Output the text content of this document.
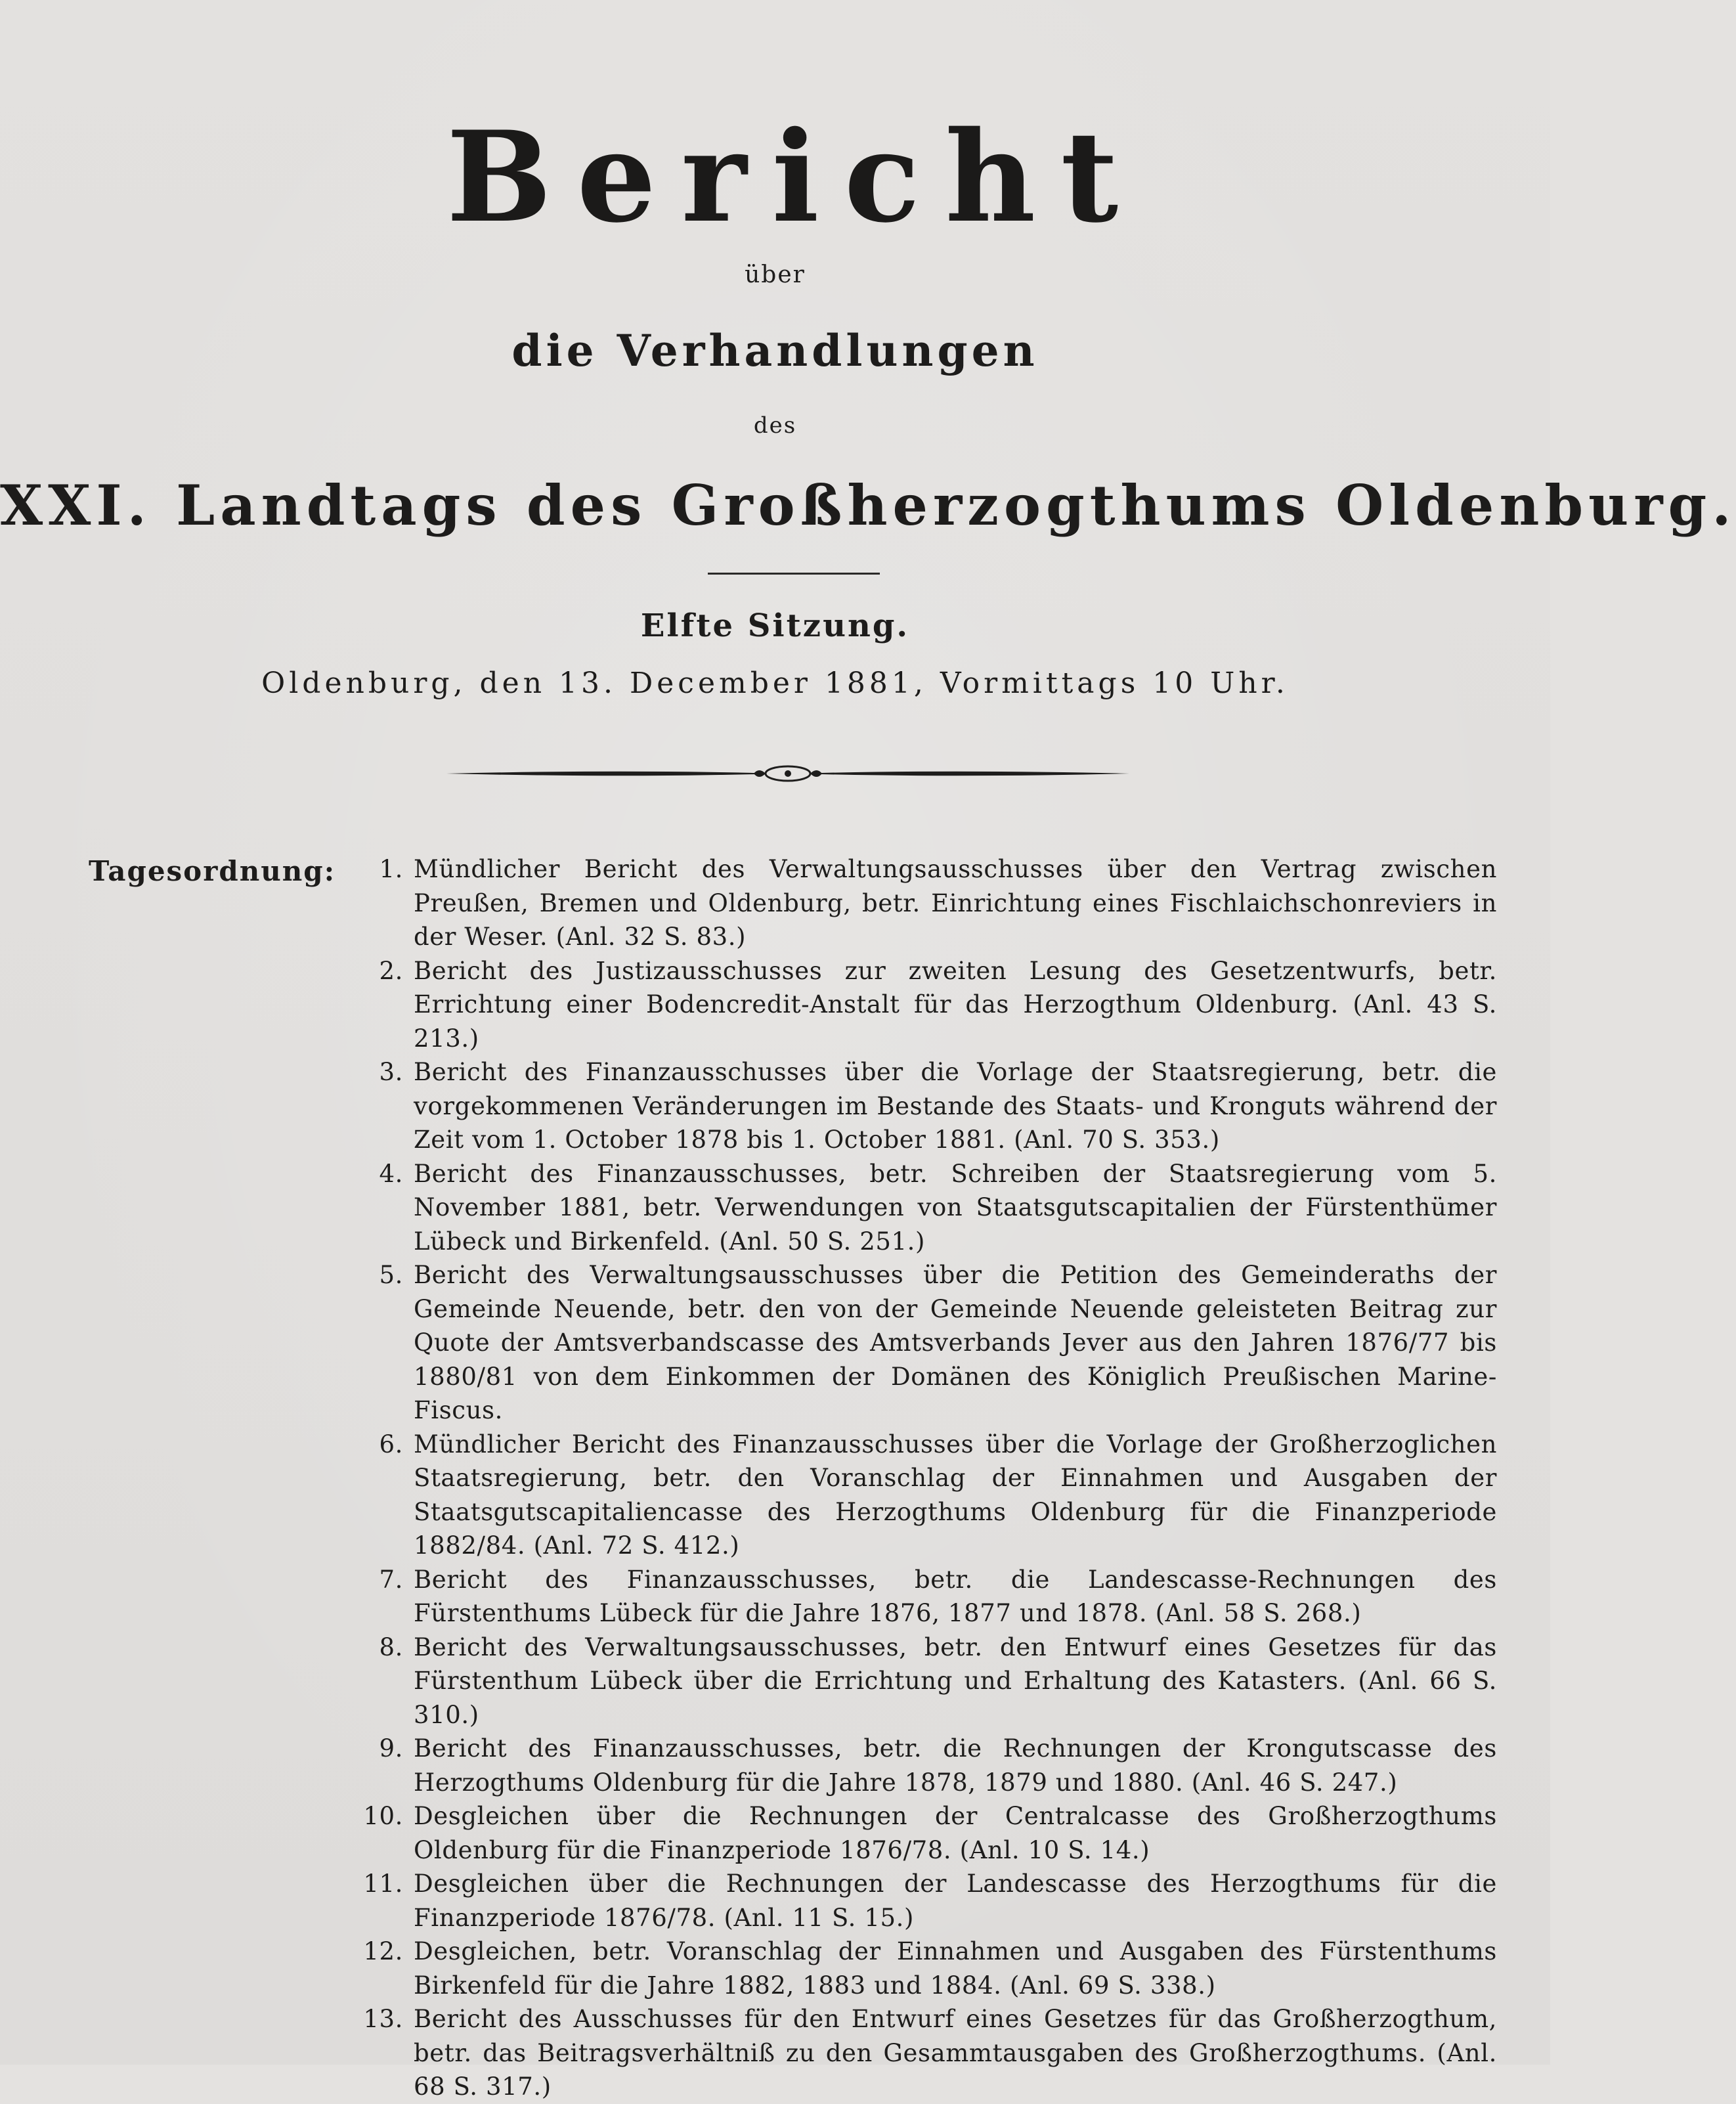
Bericht
über
die Verhandlungen
des
XXI. Landtags des Großherzogthums Oldenburg.
Elfte Sitzung.
Oldenburg, den 13. December 1881, Vormittags 10 Uhr.
Tagesordnung:	1. Mündlicher Bericht des Verwaltungsausschusses über den Vertrag zwischen Preußen, Bremen und Oldenburg, betr. Einrichtung eines Fischlaichschonreviers in der Weser. (Anl. 32 S. 83.)
2. Bericht des Justizausschusses zur zweiten Lesung des Gesetzentwurfs, betr. Errichtung einer Bodencredit-Anstalt für das Herzogthum Oldenburg. (Anl. 43 S. 213.)
3. Bericht des Finanzausschusses über die Vorlage der Staatsregierung, betr. die vorgekommenen Veränderungen im Bestande des Staats- und Kronguts während der Zeit vom 1. October 1878 bis 1. October 1881. (Anl. 70 S. 353.)
4. Bericht des Finanzausschusses, betr. Schreiben der Staatsregierung vom 5. November 1881, betr. Verwendungen von Staatsgutscapitalien der Fürstenthümer Lübeck und Birkenfeld. (Anl. 50 S. 251.)
5. Bericht des Verwaltungsausschusses über die Petition des Gemeinderaths der Gemeinde Neuende, betr. den von der Gemeinde Neuende geleisteten Beitrag zur Quote der Amtsverbandscasse des Amtsverbands Jever aus den Jahren 1876/77 bis 1880/81 von dem Einkommen der Domänen des Königlich Preußischen Marine-Fiscus.
6. Mündlicher Bericht des Finanzausschusses über die Vorlage der Großherzoglichen Staatsregierung, betr. den Voranschlag der Einnahmen und Ausgaben der Staatsgutscapitaliencasse des Herzogthums Oldenburg für die Finanzperiode 1882/84. (Anl. 72 S. 412.)
7. Bericht des Finanzausschusses, betr. die Landescasse-Rechnungen des Fürstenthums Lübeck für die Jahre 1876, 1877 und 1878. (Anl. 58 S. 268.)
8. Bericht des Verwaltungsausschusses, betr. den Entwurf eines Gesetzes für das Fürstenthum Lübeck über die Errichtung und Erhaltung des Katasters. (Anl. 66 S. 310.)
9. Bericht des Finanzausschusses, betr. die Rechnungen der Krongutscasse des Herzogthums Oldenburg für die Jahre 1878, 1879 und 1880. (Anl. 46 S. 247.)
10. Desgleichen über die Rechnungen der Centralcasse des Großherzogthums Oldenburg für die Finanzperiode 1876/78. (Anl. 10 S. 14.)
11. Desgleichen über die Rechnungen der Landescasse des Herzogthums für die Finanzperiode 1876/78. (Anl. 11 S. 15.)
12. Desgleichen, betr. Voranschlag der Einnahmen und Ausgaben des Fürstenthums Birkenfeld für die Jahre 1882, 1883 und 1884. (Anl. 69 S. 338.)
13. Bericht des Ausschusses für den Entwurf eines Gesetzes für das Großherzogthum, betr. das Beitragsverhältniß zu den Gesammtausgaben des Großherzogthums. (Anl. 68 S. 317.)
